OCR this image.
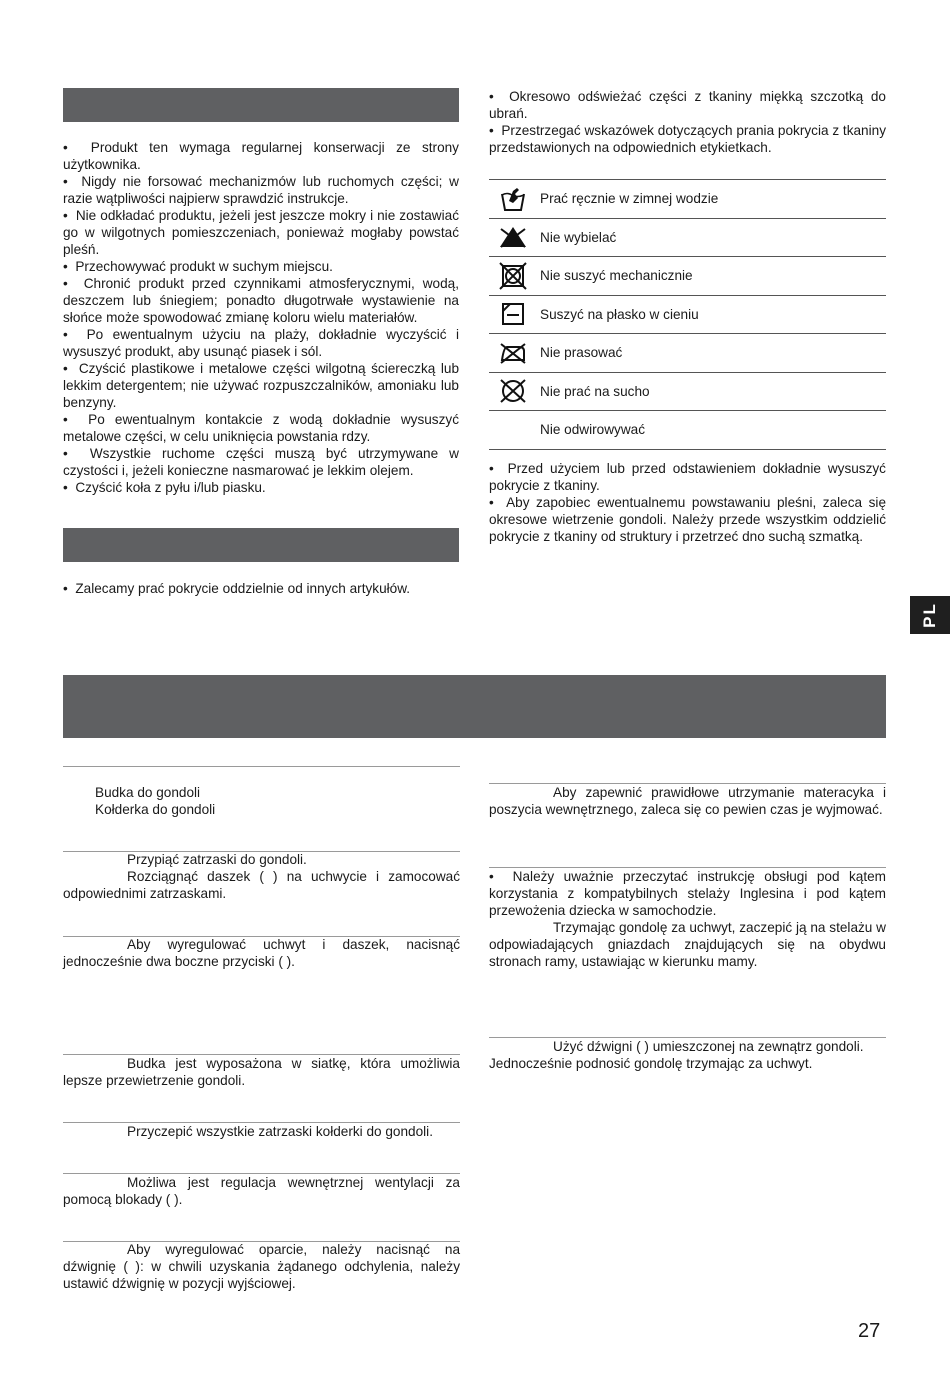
•  Produkt ten wymaga regularnej konserwacji ze strony użytkownika.

•  Nigdy nie forsować mechanizmów lub ruchomych części; w razie wątpliwości najpierw sprawdzić instrukcje.

•  Nie odkładać produktu, jeżeli jest jeszcze mokry i nie zostawiać go w wilgotnych pomieszczeniach, ponieważ mogłaby powstać pleśń.

•  Przechowywać produkt w suchym miejscu.

•  Chronić produkt przed czynnikami atmosferycznymi, wodą, deszczem lub śniegiem; ponadto długotrwałe wystawienie na słońce może spowodować zmianę koloru wielu materiałów.

•  Po ewentualnym użyciu na plaży, dokładnie wyczyścić i wysuszyć produkt, aby usunąć piasek i sól.

•  Czyścić plastikowe i metalowe części wilgotną ściereczką lub lekkim detergentem; nie używać rozpuszczalników, amoniaku lub benzyny.

•  Po ewentualnym kontakcie z wodą dokładnie wysuszyć metalowe części, w celu uniknięcia powstania rdzy.

•  Wszystkie ruchome części muszą być utrzymywane w czystości i, jeżeli konieczne nasmarować je lekkim olejem.

•  Czyścić koła z pyłu i/lub piasku.

•  Zalecamy prać pokrycie oddzielnie od innych artykułów.

•  Okresowo odświeżać części z tkaniny miękką szczotką do ubrań.

•  Przestrzegać wskazówek dotyczących prania pokrycia z tkaniny przedstawionych na odpowiednich etykietkach.

Prać ręcznie w zimnej wodzie
Nie wybielać
Nie suszyć mechanicznie
Suszyć na płasko w cieniu
Nie prasować
Nie prać na sucho
Nie odwirowywać

•  Przed użyciem lub przed odstawieniem dokładnie wysuszyć pokrycie z tkaniny.

•  Aby zapobiec ewentualnemu powstawaniu pleśni, zaleca się okresowe wietrzenie gondoli. Należy przede wszystkim oddzielić pokrycie z tkaniny od struktury i przetrzeć dno suchą szmatką.

PL
27

Budka do gondoli

Kołderka do gondoli

Przypiąć zatrzaski do gondoli.

Rozciągnąć daszek ( ) na uchwycie i zamocować odpowiednimi zatrzaskami.

Aby wyregulować uchwyt i daszek, nacisnąć jednocześnie dwa boczne przyciski ( ).

Budka jest wyposażona w siatkę, która umożliwia lepsze przewietrzenie gondoli.

Przyczepić wszystkie zatrzaski kołderki do gondoli.

Możliwa jest regulacja wewnętrznej wentylacji za pomocą blokady ( ).

Aby wyregulować oparcie, należy nacisnąć na dźwignię ( ): w chwili uzyskania żądanego odchylenia, należy ustawić dźwignię w pozycji wyjściowej.

Aby zapewnić prawidłowe utrzymanie materacyka i poszycia wewnętrznego, zaleca się co pewien czas je wyjmować.

•  Należy uważnie przeczytać instrukcję obsługi pod kątem korzystania z kompatybilnych stelaży Inglesina i pod kątem przewożenia dziecka w samochodzie.

Trzymając gondolę za uchwyt, zaczepić ją na stelażu w odpowiadających gniazdach znajdujących się na obydwu stronach ramy, ustawiając w kierunku mamy.

Użyć dźwigni ( ) umieszczonej na zewnątrz gondoli.

Jednocześnie podnosić gondolę trzymając za uchwyt.
